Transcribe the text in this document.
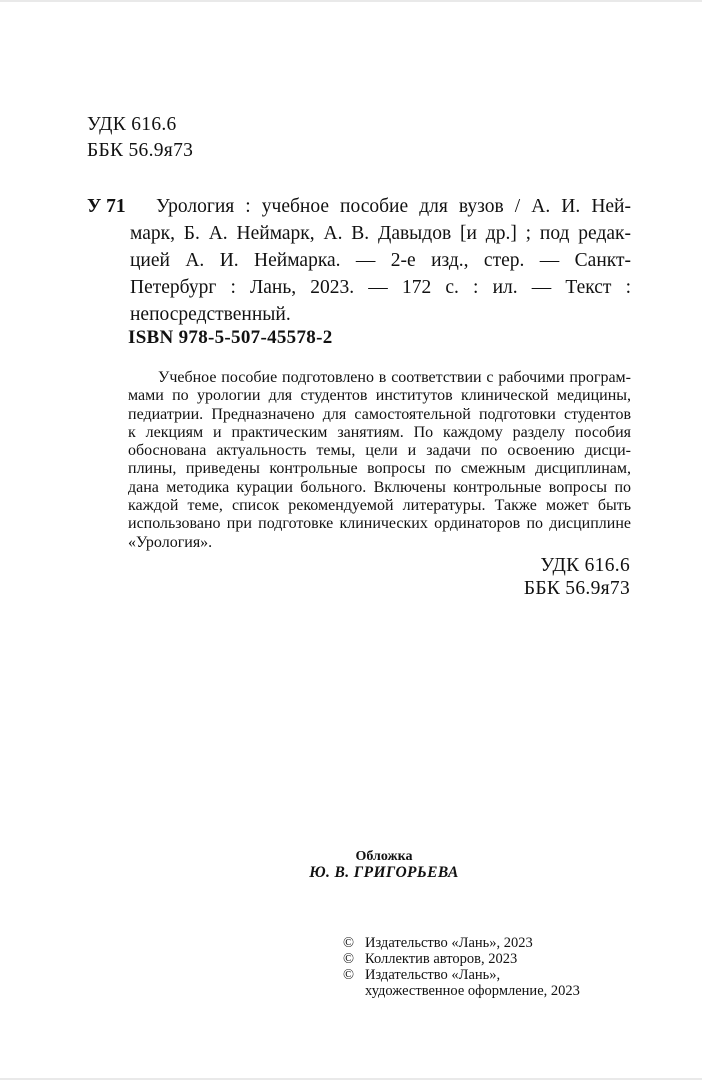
УДК 616.6
ББК 56.9я73
У 71	Урология : учебное пособие для вузов / А. И. Ней-
марк, Б. А. Неймарк, А. В. Давыдов [и др.] ; под редак-
цией А. И. Неймарка. — 2-е изд., стер. — Санкт-
Петербург : Лань, 2023. — 172 с. : ил. — Текст :
непосредственный.
ISBN 978-5-507-45578-2
Учебное пособие подготовлено в соответствии с рабочими програм-
мами по урологии для студентов институтов клинической медицины,
педиатрии. Предназначено для самостоятельной подготовки студентов
к лекциям и практическим занятиям. По каждому разделу пособия
обоснована актуальность темы, цели и задачи по освоению дисци-
плины, приведены контрольные вопросы по смежным дисциплинам,
дана методика курации больного. Включены контрольные вопросы по
каждой теме, список рекомендуемой литературы. Также может быть
использовано при подготовке клинических ординаторов по дисциплине
«Урология».
УДК 616.6
ББК 56.9я73
Обложка
Ю. В. ГРИГОРЬЕВА
© Издательство «Лань», 2023
© Коллектив авторов, 2023
© Издательство «Лань»,
художественное оформление, 2023
